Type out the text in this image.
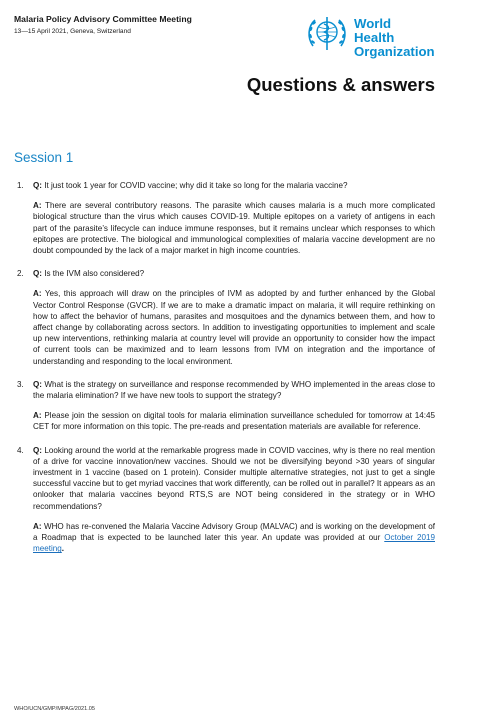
Malaria Policy Advisory Committee Meeting
13—15 April 2021, Geneva, Switzerland
World Health
Organization
Questions & answers
Session 1
1. Q: It just took 1 year for COVID vaccine; why did it take so long for the malaria vaccine?

A: There are several contributory reasons. The parasite which causes malaria is a much more complicated biological structure than the virus which causes COVID-19. Multiple epitopes on a variety of antigens in each part of the parasite’s lifecycle can induce immune responses, but it remains unclear which responses to which epitopes are protective. The biological and immunological complexities of malaria vaccine development are no doubt compounded by the lack of a major market in high income countries.

2. Q: Is the IVM also considered?

A: Yes, this approach will draw on the principles of IVM as adopted by and further enhanced by the Global Vector Control Response (GVCR). If we are to make a dramatic impact on malaria, it will require rethinking on how to affect the behavior of humans, parasites and mosquitoes and the dynamics between them, and how to affect change by collaborating across sectors. In addition to investigating opportunities to implement and scale up new interventions, rethinking malaria at country level will provide an opportunity to consider how the impact of current tools can be maximized and to learn lessons from IVM on integration and the importance of understanding and responding to the local environment.

3. Q: What is the strategy on surveillance and response recommended by WHO implemented in the areas close to the malaria elimination? If we have new tools to support the strategy?

A: Please join the session on digital tools for malaria elimination surveillance scheduled for tomorrow at 14:45 CET for more information on this topic. The pre-reads and presentation materials are available for reference.

4. Q: Looking around the world at the remarkable progress made in COVID vaccines, why is there no real mention of a drive for vaccine innovation/new vaccines. Should we not be diversifying beyond >30 years of singular investment in 1 vaccine (based on 1 protein). Consider multiple alternative strategies, not just to get a single successful vaccine but to get myriad vaccines that work differently, can be rolled out in parallel? It appears as an onlooker that malaria vaccines beyond RTS,S are NOT being considered in the strategy or in WHO recommendations?

A: WHO has re-convened the Malaria Vaccine Advisory Group (MALVAC) and is working on the development of a Roadmap that is expected to be launched later this year. An update was provided at our October 2019 meeting.

WHO/UCN/GMP/MPAG/2021.05
